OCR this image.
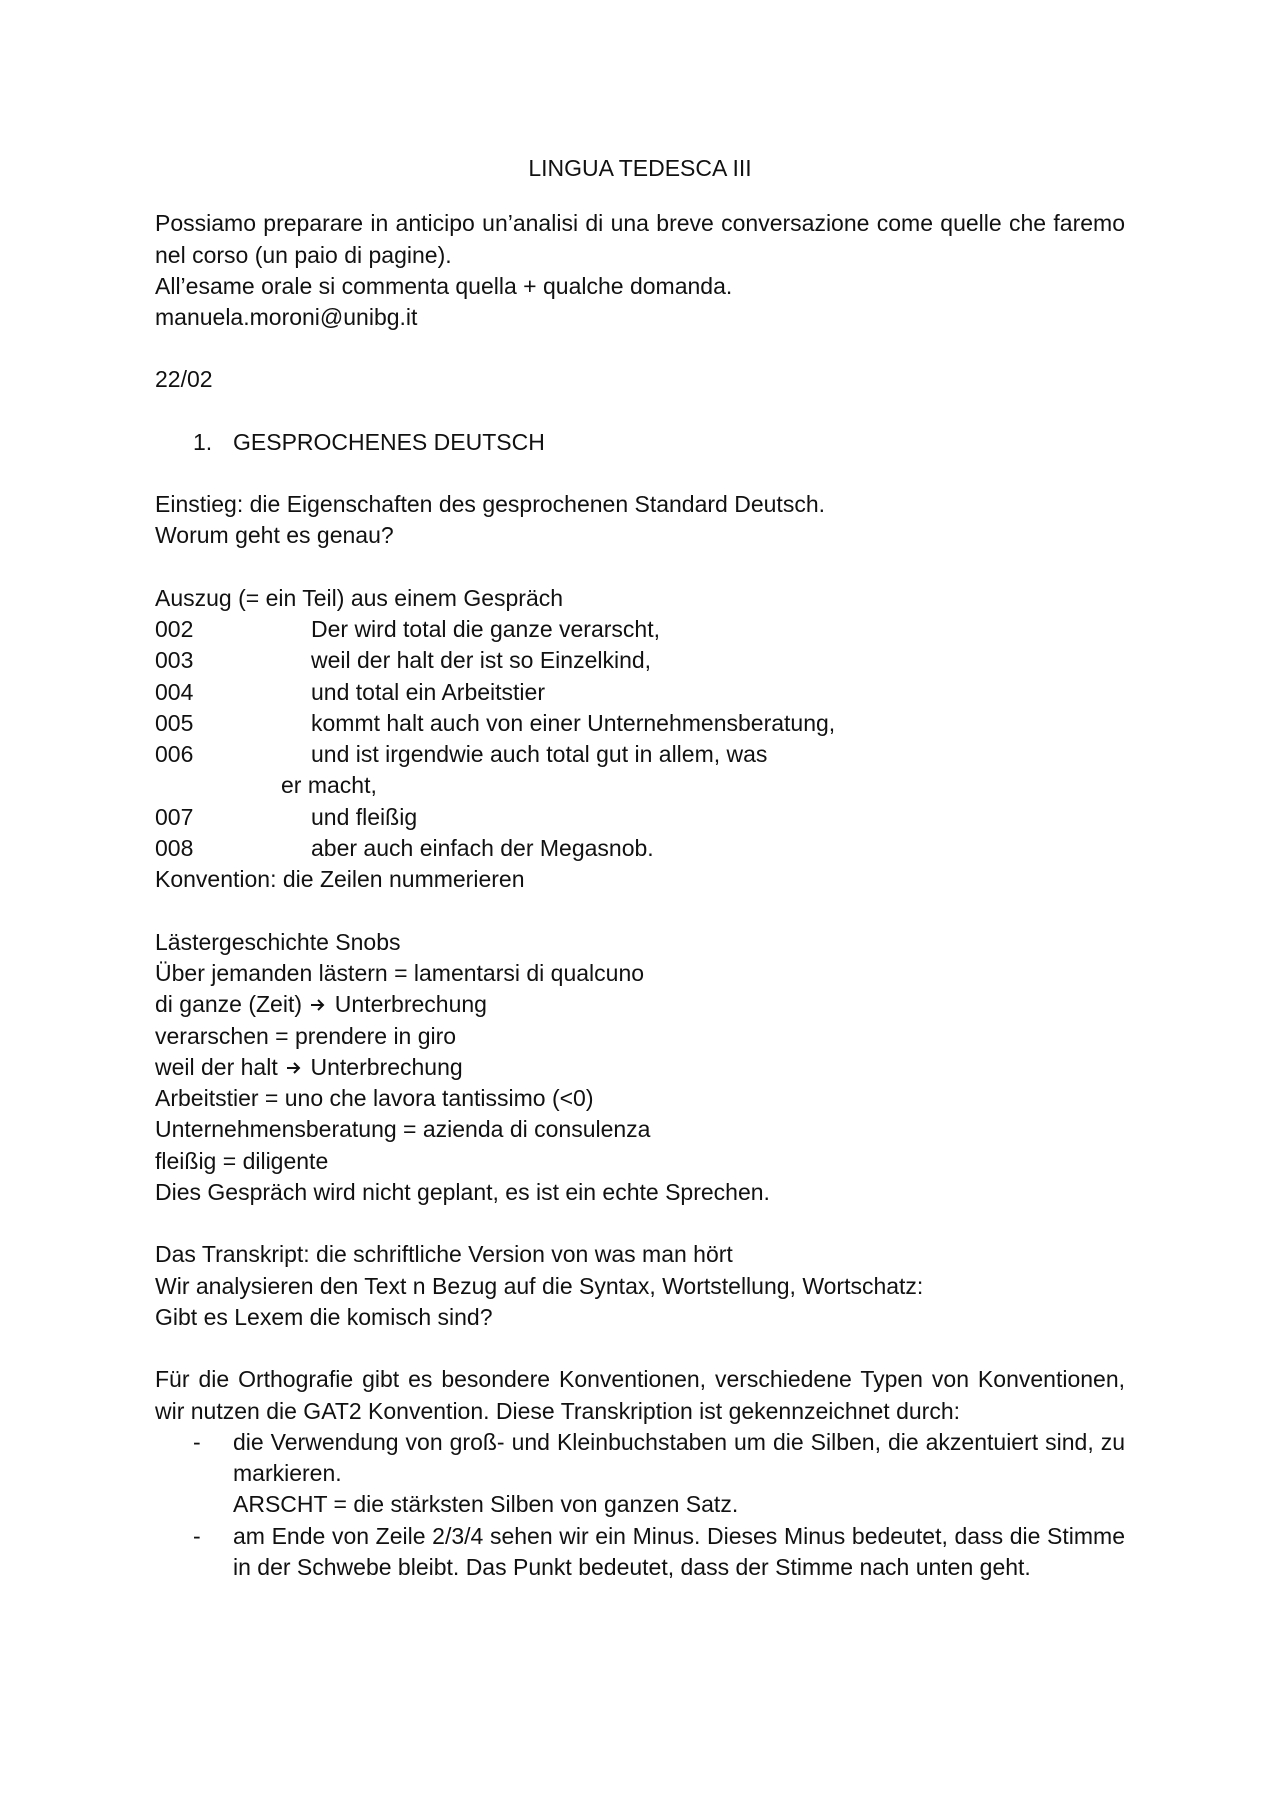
LINGUA TEDESCA III

Possiamo preparare in anticipo un’analisi di una breve conversazione come quelle che faremo nel corso (un paio di pagine).

All’esame orale si commenta quella + qualche domanda.

manuela.moroni@unibg.it

22/02

1. GESPROCHENES DEUTSCH

Einstieg: die Eigenschaften des gesprochenen Standard Deutsch.

Worum geht es genau?

Auszug (= ein Teil) aus einem Gespräch

002	Der wird total die ganze verarscht,
003	weil der halt der ist so Einzelkind,
004	und total ein Arbeitstier
005	kommt halt auch von einer Unternehmensberatung,
006	und ist irgendwie auch total gut in allem, was
er macht,
007	und fleißig
008	aber auch einfach der Megasnob.

Konvention: die Zeilen nummerieren

Lästergeschichte Snobs

Über jemanden lästern = lamentarsi di qualcuno

di ganze (Zeit) Unterbrechung

verarschen = prendere in giro

weil der halt Unterbrechung

Arbeitstier = uno che lavora tantissimo (<0)

Unternehmensberatung = azienda di consulenza

fleißig = diligente

Dies Gespräch wird nicht geplant, es ist ein echte Sprechen.

Das Transkript: die schriftliche Version von was man hört

Wir analysieren den Text n Bezug auf die Syntax, Wortstellung, Wortschatz:

Gibt es Lexem die komisch sind?

Für die Orthografie gibt es besondere Konventionen, verschiedene Typen von Konventionen, wir nutzen die GAT2 Konvention. Diese Transkription ist gekennzeichnet durch:

-	die Verwendung von groß- und Kleinbuchstaben um die Silben, die akzentuiert sind, zu markieren.
ARSCHT = die stärksten Silben von ganzen Satz.
-	am Ende von Zeile 2/3/4 sehen wir ein Minus. Dieses Minus bedeutet, dass die Stimme in der Schwebe bleibt. Das Punkt bedeutet, dass der Stimme nach unten geht.
